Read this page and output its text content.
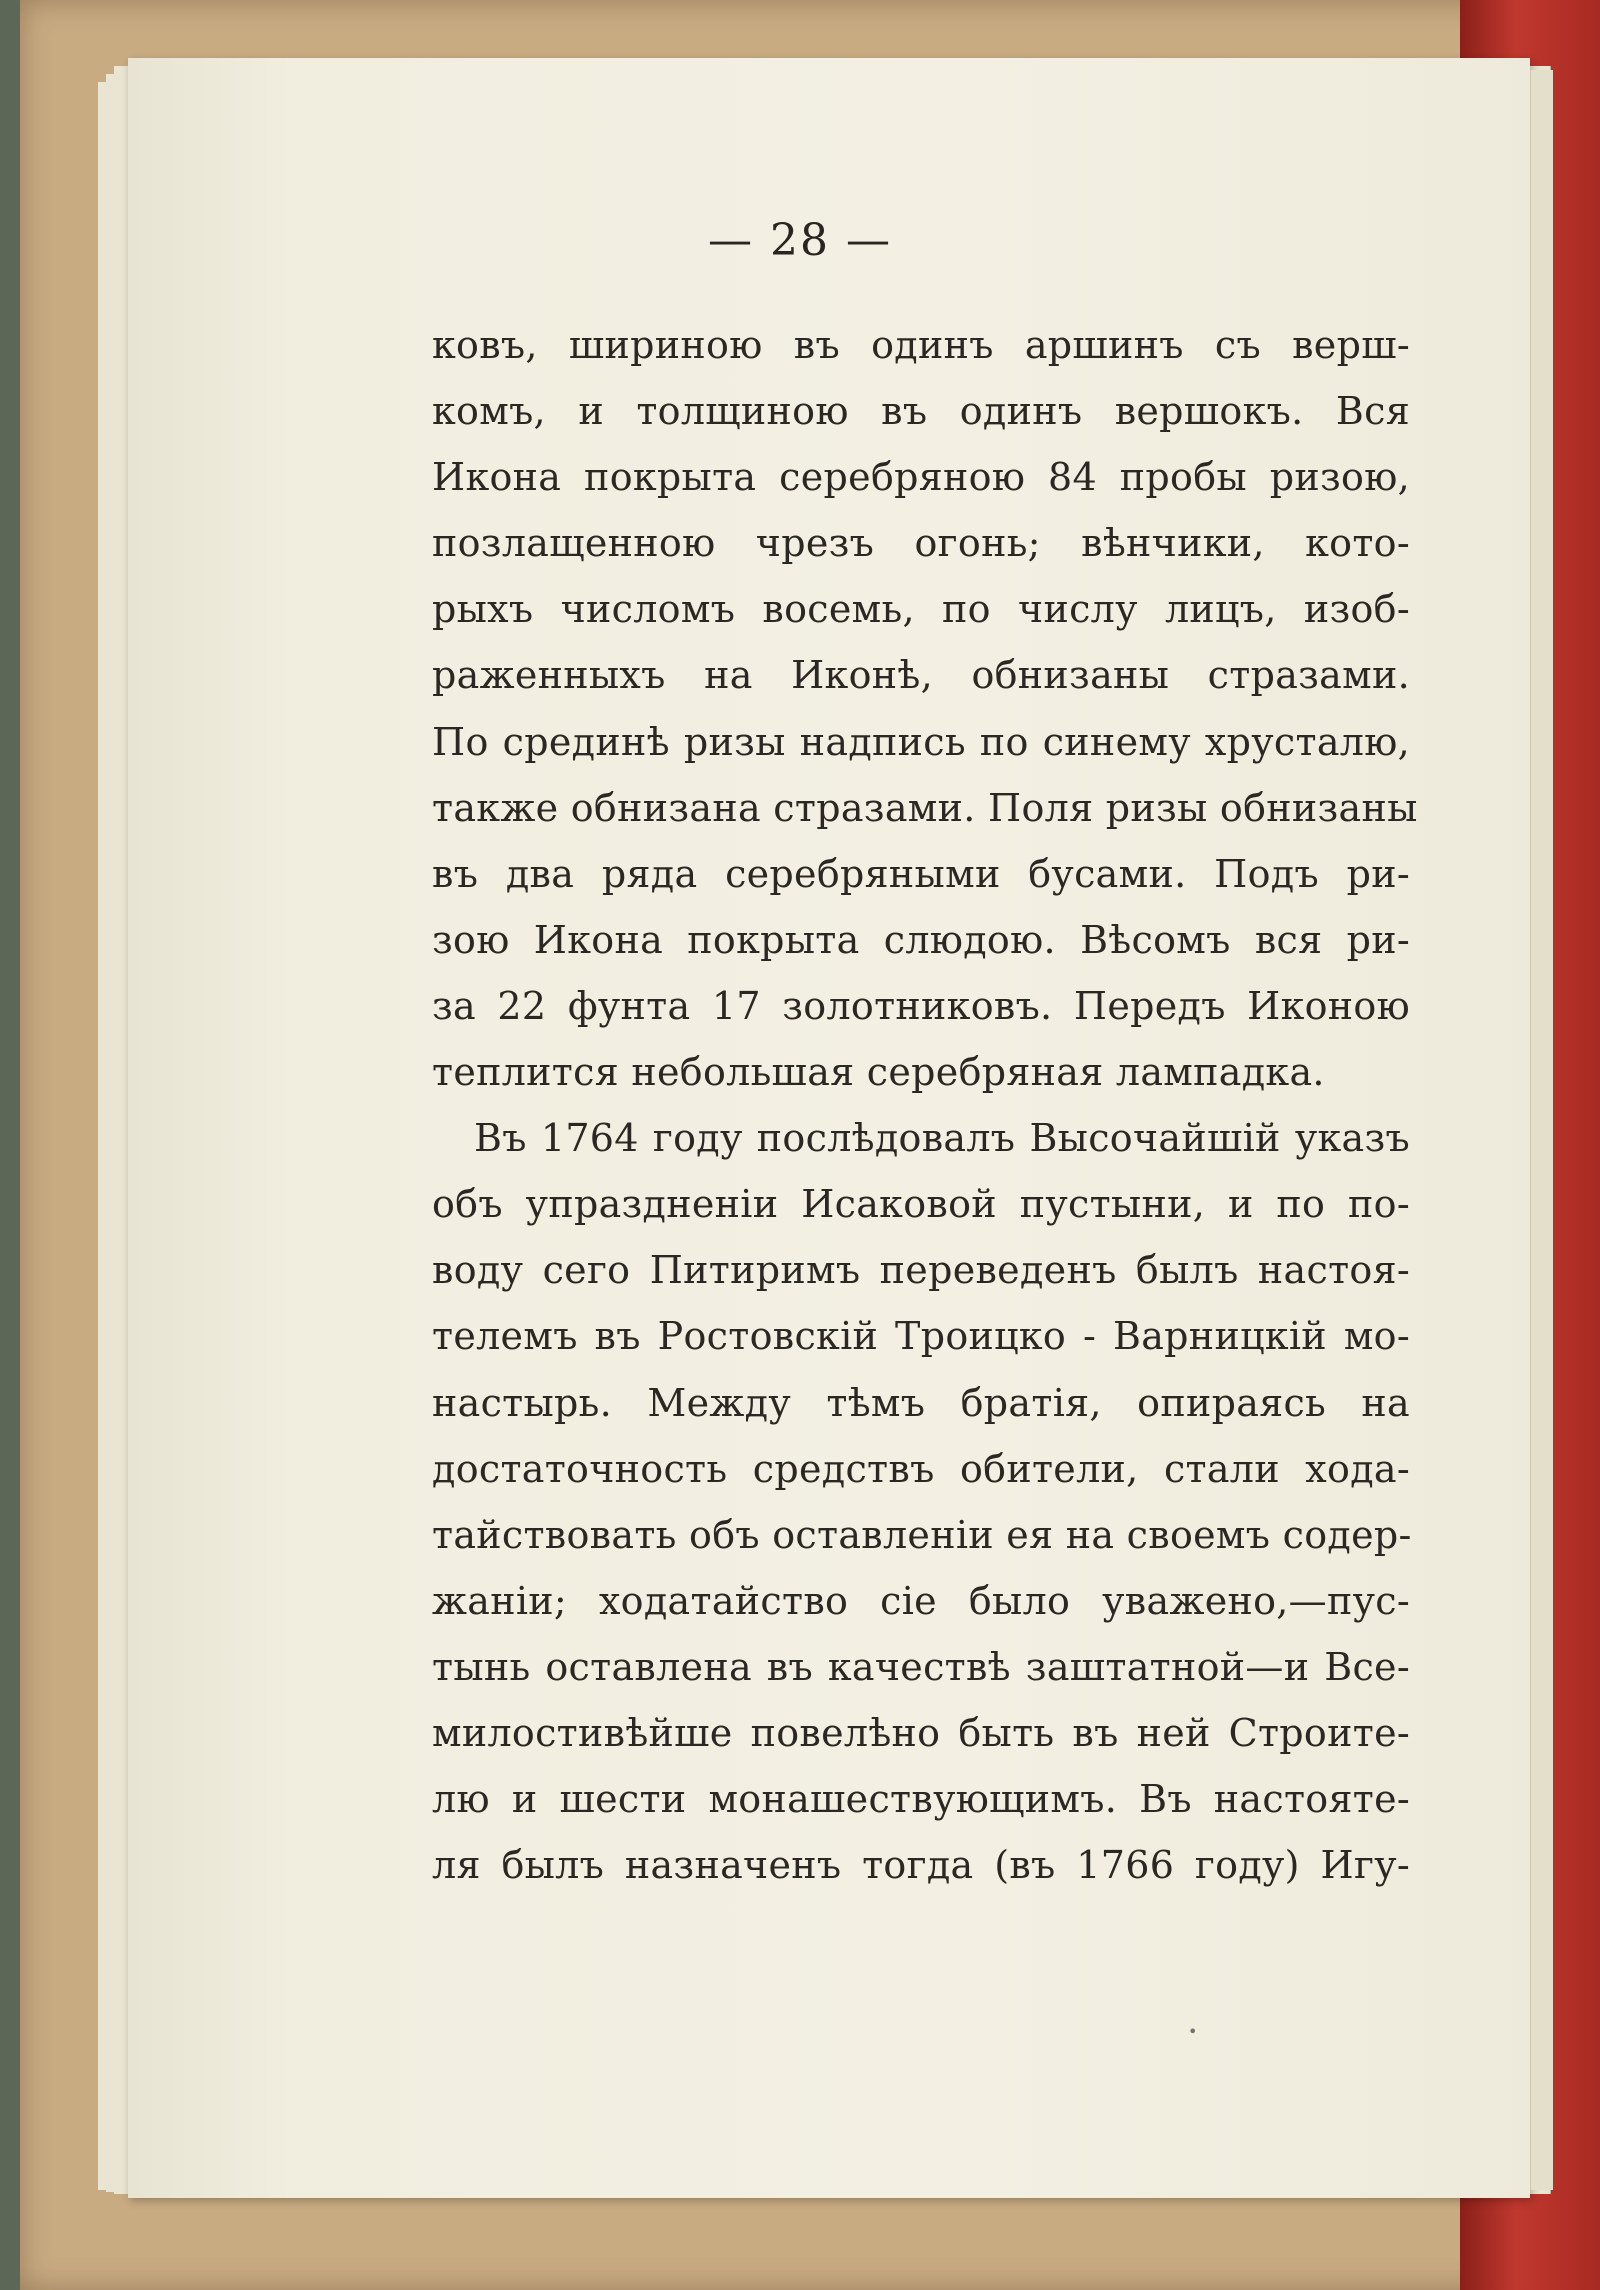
— 28 —
ковъ, шириною въ одинъ аршинъ съ верш-
комъ, и толщиною въ одинъ вершокъ. Вся
Икона покрыта серебряною 84 пробы ризою,
позлащенною чрезъ огонь; вѣнчики, кото-
рыхъ числомъ восемь, по числу лицъ, изоб-
раженныхъ на Иконѣ, обнизаны стразами.
По срединѣ ризы надпись по синему хрусталю,
также обнизана стразами. Поля ризы обнизаны
въ два ряда серебряными бусами. Подъ ри-
зою Икона покрыта слюдою. Вѣсомъ вся ри-
за 22 фунта 17 золотниковъ. Передъ Иконою
теплится небольшая серебряная лампадка.
Въ 1764 году послѣдовалъ Высочайшій указъ
объ упраздненіи Исаковой пустыни, и по по-
воду сего Питиримъ переведенъ былъ настоя-
телемъ въ Ростовскій Троицко - Варницкій мо-
настырь. Между тѣмъ братія, опираясь на
достаточность средствъ обители, стали хода-
тайствовать объ оставленіи ея на своемъ содер-
жаніи; ходатайство сіе было уважено,—пус-
тынь оставлена въ качествѣ заштатной—и Все-
милостивѣйше повелѣно быть въ ней Строите-
лю и шести монашествующимъ. Въ настояте-
ля былъ назначенъ тогда (въ 1766 году) Игу-
•
